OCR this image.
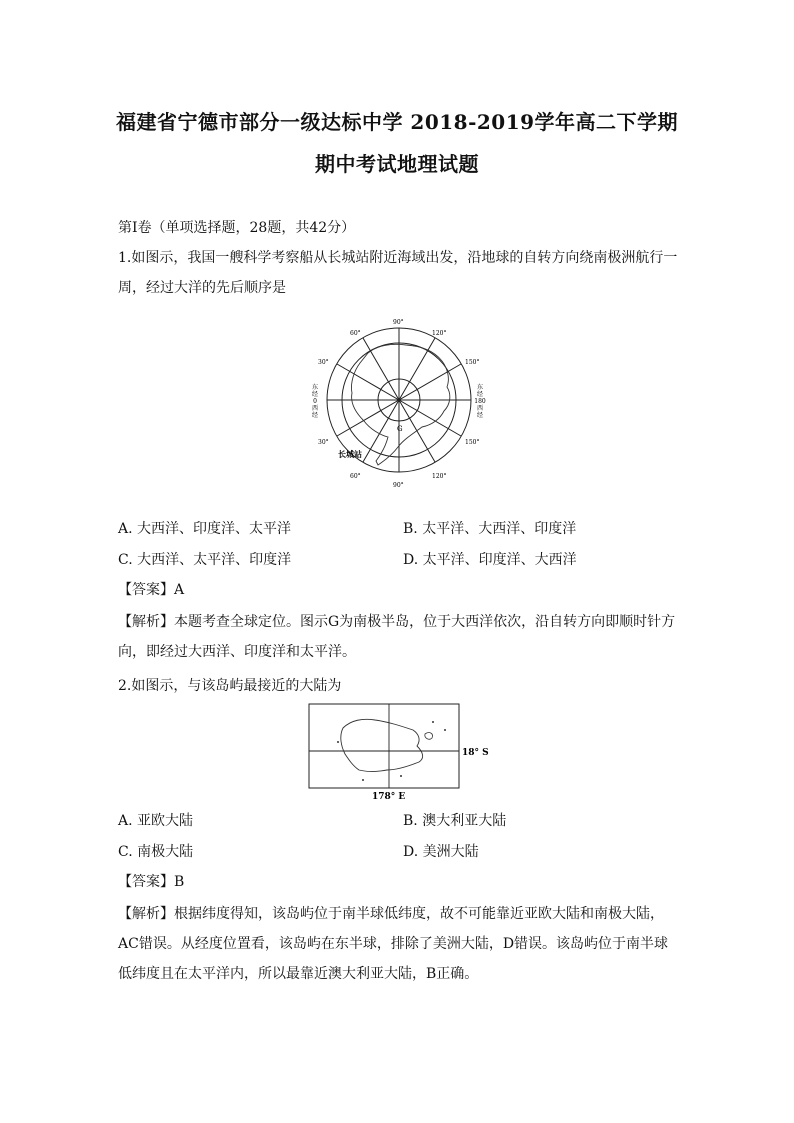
福建省宁德市部分一级达标中学 2018-2019学年高二下学期
期中考试地理试题
第Ⅰ卷（单项选择题，28题，共42分）
1.如图示，我国一艘科学考察船从长城站附近海域出发，沿地球的自转方向绕南极洲航行一周，经过大洋的先后顺序是
90°
60°	120°
30°	150°
30°	150°
60°	120°
90°
东
经
0
西
经
东
经
180
西
经
G
长城站
A. 大西洋、印度洋、太平洋	B. 太平洋、大西洋、印度洋
C. 大西洋、太平洋、印度洋	D. 太平洋、印度洋、大西洋
【答案】A
【解析】本题考查全球定位。图示G为南极半岛，位于大西洋依次，沿自转方向即顺时针方向，即经过大西洋、印度洋和太平洋。
2.如图示，与该岛屿最接近的大陆为
18° S
178° E
A. 亚欧大陆	B. 澳大利亚大陆
C. 南极大陆	D. 美洲大陆
【答案】B
【解析】根据纬度得知，该岛屿位于南半球低纬度，故不可能靠近亚欧大陆和南极大陆，AC错误。从经度位置看，该岛屿在东半球，排除了美洲大陆，D错误。该岛屿位于南半球低纬度且在太平洋内，所以最靠近澳大利亚大陆，B正确。
